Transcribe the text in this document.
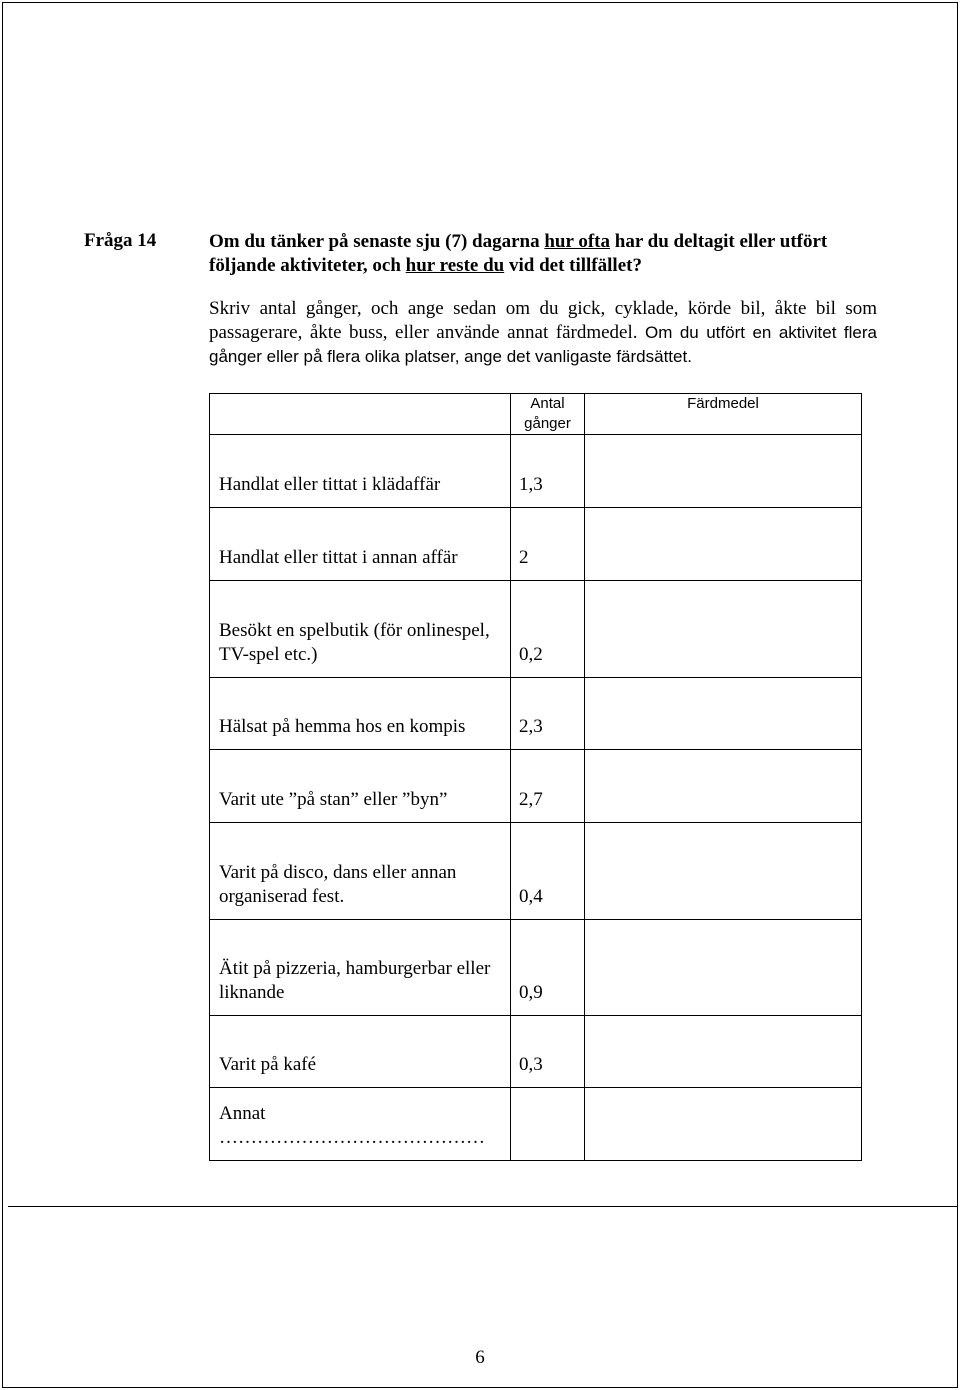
Fråga 14	Om du tänker på senaste sju (7) dagarna hur ofta har du deltagit eller utfört följande aktiviteter, och hur reste du vid det tillfället?
Skriv antal gånger, och ange sedan om du gick, cyklade, körde bil, åkte bil som passagerare, åkte buss, eller använde annat färdmedel. Om du utfört en aktivitet flera gånger eller på flera olika platser, ange det vanligaste färdsättet.
	Antal gånger	Färdmedel
Handlat eller tittat i klädaffär	1,3	
Handlat eller tittat i annan affär	2	
Besökt en spelbutik (för onlinespel, TV-spel etc.)	0,2	
Hälsat på hemma hos en kompis	2,3	
Varit ute ”på stan” eller ”byn”	2,7	
Varit på disco, dans eller annan organiserad fest.	0,4	
Ätit på pizzeria, hamburgerbar eller liknande	0,9	
Varit på kafé	0,3	
Annat ……………………………………		
6
